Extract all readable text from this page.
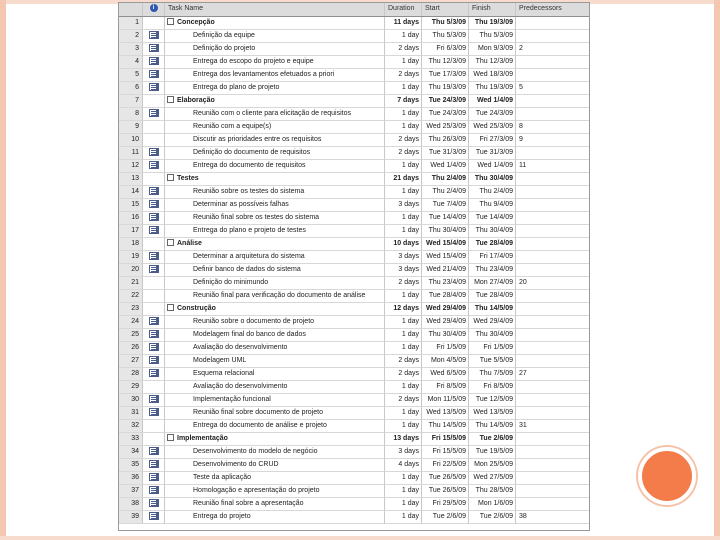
i	Task Name	Duration	Start	Finish	Predecessors
1	Concepção	11 days	Thu 5/3/09	Thu 19/3/09
2	Definição da equipe	1 day	Thu 5/3/09	Thu 5/3/09
3	Definição do projeto	2 days	Fri 6/3/09	Mon 9/3/09 2
4	Entrega do escopo do projeto e equipe	1 day	Thu 12/3/09	Thu 12/3/09
5	Entrega dos levantamentos efetuados a priori	2 days	Tue 17/3/09	Wed 18/3/09
6	Entrega do plano de projeto	1 day	Thu 19/3/09	Thu 19/3/09 5
7	Elaboração	7 days	Tue 24/3/09	Wed 1/4/09
8	Reunião com o cliente para elicitação de requisitos	1 day	Tue 24/3/09	Tue 24/3/09
9	Reunião com a equipe(s)	1 day	Wed 25/3/09	Wed 25/3/09 8
10	Discutir as prioridades entre os requisitos	2 days	Thu 26/3/09	Fri 27/3/09 9
11	Definição do documento de requisitos	2 days	Tue 31/3/09	Tue 31/3/09
12	Entrega do documento de requisitos	1 day	Wed 1/4/09	Wed 1/4/09 11
13	Testes	21 days	Thu 2/4/09	Thu 30/4/09
14	Reunião sobre os testes do sistema	1 day	Thu 2/4/09	Thu 2/4/09
15	Determinar as possíveis falhas	3 days	Tue 7/4/09	Thu 9/4/09
16	Reunião final sobre os testes do sistema	1 day	Tue 14/4/09	Tue 14/4/09
17	Entrega do plano e projeto de testes	1 day	Thu 30/4/09	Thu 30/4/09
18	Análise	10 days	Wed 15/4/09	Tue 28/4/09
19	Determinar a arquitetura do sistema	3 days	Wed 15/4/09	Fri 17/4/09
20	Definir banco de dados do sistema	3 days	Wed 21/4/09	Thu 23/4/09
21	Definição do minimundo	2 days	Thu 23/4/09	Mon 27/4/09 20
22	Reunião final para verificação do documento de análise	1 day	Tue 28/4/09	Tue 28/4/09
23	Construção	12 days	Wed 29/4/09	Thu 14/5/09
24	Reunião sobre o documento de projeto	1 day	Wed 29/4/09	Wed 29/4/09
25	Modelagem final do banco de dados	1 day	Thu 30/4/09	Thu 30/4/09
26	Avaliação do desenvolvimento	1 day	Fri 1/5/09	Fri 1/5/09
27	Modelagem UML	2 days	Mon 4/5/09	Tue 5/5/09
28	Esquema relacional	2 days	Wed 6/5/09	Thu 7/5/09 27
29	Avaliação do desenvolvimento	1 day	Fri 8/5/09	Fri 8/5/09
30	Implementação funcional	2 days	Mon 11/5/09	Tue 12/5/09
31	Reunião final sobre documento de projeto	1 day	Wed 13/5/09	Wed 13/5/09
32	Entrega do documento de análise e projeto	1 day	Thu 14/5/09	Thu 14/5/09 31
33	Implementação	13 days	Fri 15/5/09	Tue 2/6/09
34	Desenvolvimento do modelo de negócio	3 days	Fri 15/5/09	Tue 19/5/09
35	Desenvolvimento do CRUD	4 days	Fri 22/5/09	Mon 25/5/09
36	Teste da aplicação	1 day	Tue 26/5/09	Wed 27/5/09
37	Homologação e apresentação do projeto	1 day	Tue 26/5/09	Thu 28/5/09
38	Reunião final sobre a apresentação	1 day	Fri 29/5/09	Mon 1/6/09
39	Entrega do projeto	1 day	Tue 2/6/09	Tue 2/6/09 38
